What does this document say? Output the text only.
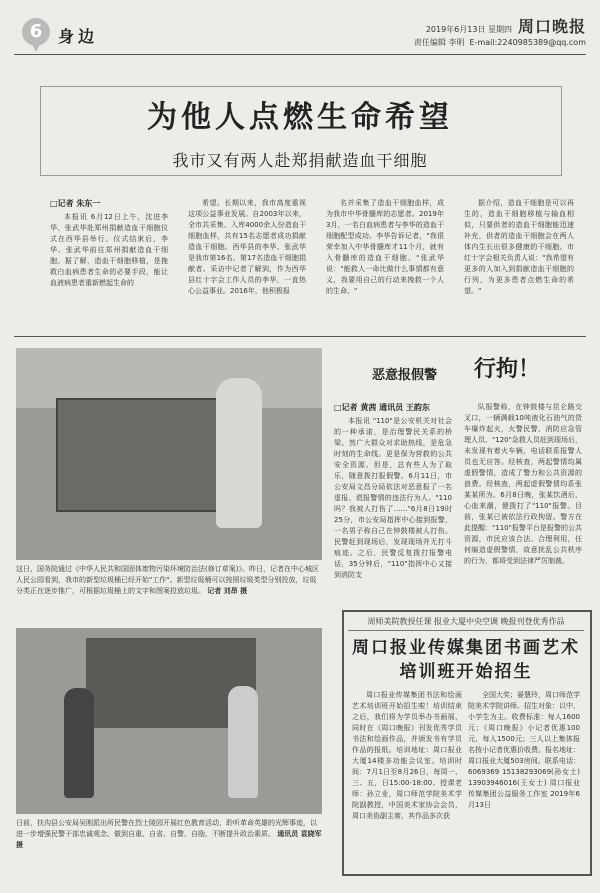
6 身边	2019年6月13日 星期四 周口晚报
责任编辑 李明 E-mail:2240985389@qq.com
为他人点燃生命希望
我市又有两人赴郑捐献造血干细胞
□记者 朱东一

本报讯 6月12日上午，沈进李华、张武华赴郑州捐献造血干细胞仪式在西华县举行。仪式结束后，李华、张武华前往郑州捐献造血干细胞。据了解，造血干细胞移植，是挽救白血病患者生命的必要手段，能让血液病患者重新燃起生命的

希望。长期以来，我市高度重视这项公益事业发展。自2003年以来，全市共采集、入库4000余人份造血干细胞血样，共有15名志愿者成功捐献造血干细胞。西华县的李华、张武华是我市第16名、第17名造血干细胞捐献者。采访中记者了解到，作为西华县红十字会工作人员的李华，一直热心公益事业。2016年，他积极报

名并采集了造血干细胞血样，成为我市中华骨髓库的志愿者。2019年3月，一名白血病患者与李华的造血干细胞配型成功。李华告诉记者，"我很荣幸加入中华骨髓库才11个月，就有入骨髓库的造血干细胞。"张武华说："能救人一命比做什么事情都有意义，我要用自己的行动来挽救一个人的生命。"

据介绍，造血干细胞是可以再生的，造血干细胞移植与输血相似，只要供者的造血干细胞能迅速补充，供者的造血干细胞会在两人体内生长出很多健康的干细胞。市红十字会相关负责人说："我希望有更多的人加入到捐献造血干细胞的行列，为更多患者点燃生命的希望。"

这日，国务院通过《中华人民共和国固体废物污染环境防治法(修订草案)》。昨日，记者在中心城区人民公园看到，我市的新型垃圾桶已经开始"工作"。新型垃圾桶可以按照垃圾类型分别投放，垃圾分类正在逐步推广，可根据垃圾桶上的文字和图案投放垃圾。 记者 刘昂 摄
恶意报假警 行拘！
□记者 黄茜 通讯员 王韵东

本报讯 "110"是公安机关对社会的一种承诺，是治理警民关系的桥梁。然广大群众对求助热线，是危急时刻的生命线。更是保为营救的公共安全资源。但是，总有些人为了取乐，随意拨打报假警。6月11日，市公安局文昌分局依法对恶意报了一名虚报、谎报警情的违法行为人。"110吗？我被人打伤了……"6月8日19时25分，市公安局指挥中心接到报警，一名男子称自己在钟鼓楼被人打伤。民警赶到现场后，发现现场并无打斗痕迹。之后，民警反复拨打报警电话，35分钟后，"110"指挥中心又接到消防支

队报警称，在钟鼓楼与昆仑路交叉口，一辆满载10吨液化石油气的货车爆炸起火，火警民警、消防应急管理人员、"120"急救人员赶到现场后，未发现有着火车辆，电话联系报警人员也无应答。经核查，两起警情均属虚假警情，造成了警力和公共资源的浪费。经核查，两起虚假警情均系张某某所为。6月8日晚，张某饮酒后，心血来潮，便拨打了"110"报警。目前，张某已被依法行政拘留。警方在此提醒："110"报警平台是报警的公共资源，市民应该合法、合理利用，任何编造虚假警情，故意扰乱公共秩序的行为，都将受到法律严厉制裁。

日前，扶沟县公安局吴刚派出所民警在烈士陵园开展红色教育活动，聆听革命英雄的光辉事迹，以进一步增强民警干部忠诚观念、做到自重、自省、自警、自励，不断提升政治素质。 通讯员 袁晓军 摄
周师美院教授任课 报业大厦中央空调 晚报刊登优秀作品
周口报业传媒集团书画艺术培训班开始招生

周口报业传媒集团书法和绘画艺术培训班开始招生啦！培训结束之后，我们将为学员举办书画展，同时在《周口晚报》刊发优秀学员书法和绘画作品，并颁发书有学员作品的报纸。培训地址：周口报业大厦14楼多功能会议室。培训时间：7月1日至8月26日，每周一、三、五，日15:00-18:00。授课老师：孙立业，周口师范学院美术学院副教授，中国美术家协会会员，周口美协副主席，其作品多次获

全国大奖；晏慧玲，周口师范学院美术学院讲师。招生对象：以中、小学生为主。收费标准：每人1600元；《周口晚报》小记者优惠100元，每人1500元；三人以上集体报名按小记者优惠价收费。报名地址：周口报业大厦503房间。联系电话：6069369 15138293069(孙女士) 13903946016(王女士) 周口报业传媒集团公益服务工作室 2019年6月13日
